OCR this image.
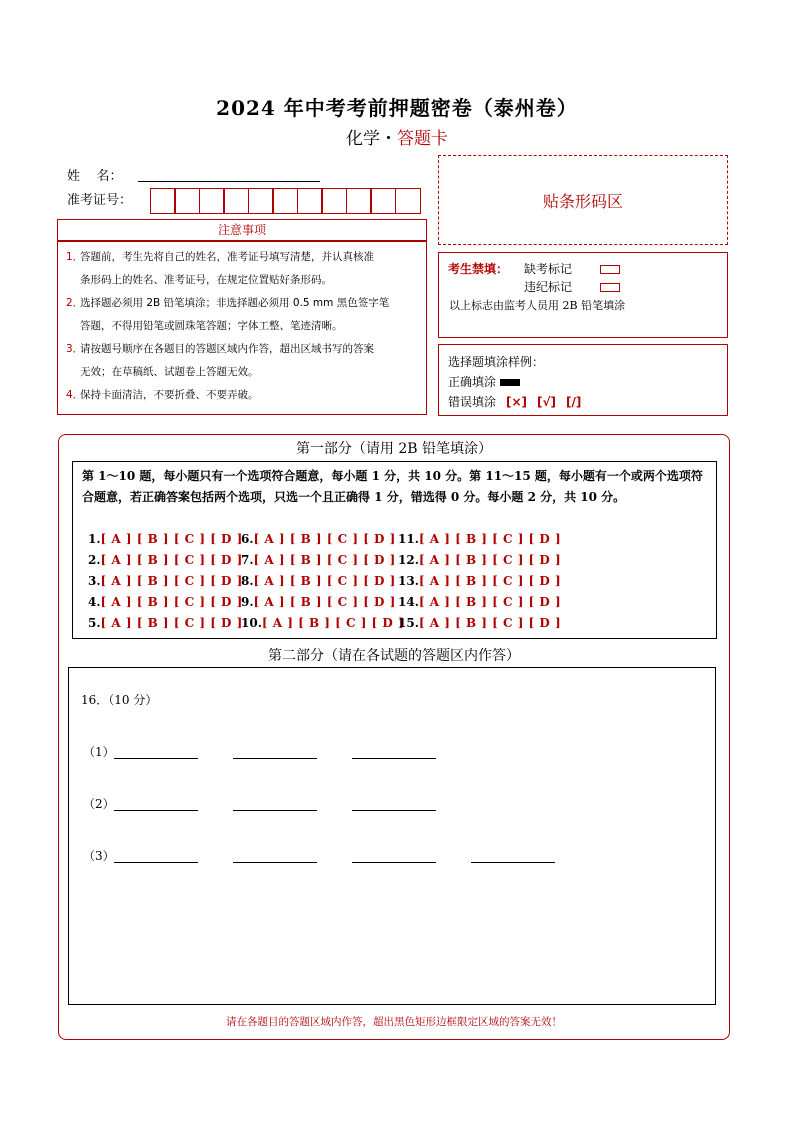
2024 年中考考前押题密卷（泰州卷）
化学・答题卡
姓    名：
准考证号：	贴条形码区
注意事项
1．
答题前，考生先将自己的姓名，准考证号填写清楚，并认真核准
条形码上的姓名、准考证号，在规定位置贴好条形码。
2．
选择题必须用 2B 铅笔填涂；非选择题必须用 0.5 mm 黑色签字笔
答题，不得用铅笔或圆珠笔答题；字体工整、笔迹清晰。
3．
请按题号顺序在各题目的答题区域内作答，超出区域书写的答案
无效；在草稿纸、试题卷上答题无效。
4．
保持卡面清洁，不要折叠、不要弄破。
考生禁填： 缺考标记
违纪标记
以上标志由监考人员用 2B 铅笔填涂
选择题填涂样例：
正确填涂
错误填涂 [×] [√] [/]
第一部分（请用 2B 铅笔填涂）
第 1～10 题，每小题只有一个选项符合题意，每小题 1 分，共 10 分。第 11～15 题，每小题有一个或两个选项符合题意，若正确答案包括两个选项，只选一个且正确得 1 分，错选得 0 分。每小题 2 分，共 10 分。
1.[ A ] [ B ] [ C ] [ D ]
2.[ A ] [ B ] [ C ] [ D ]
3.[ A ] [ B ] [ C ] [ D ]
4.[ A ] [ B ] [ C ] [ D ]
5.[ A ] [ B ] [ C ] [ D ]
6.[ A ] [ B ] [ C ] [ D ]
7.[ A ] [ B ] [ C ] [ D ]
8.[ A ] [ B ] [ C ] [ D ]
9.[ A ] [ B ] [ C ] [ D ]
10.[ A ] [ B ] [ C ] [ D ]
11.[ A ] [ B ] [ C ] [ D ]
12.[ A ] [ B ] [ C ] [ D ]
13.[ A ] [ B ] [ C ] [ D ]
14.[ A ] [ B ] [ C ] [ D ]
15.[ A ] [ B ] [ C ] [ D ]
第二部分（请在各试题的答题区内作答）
16．（10 分）
（1）
（2）
（3）
请在各题目的答题区域内作答，超出黑色矩形边框限定区域的答案无效！
